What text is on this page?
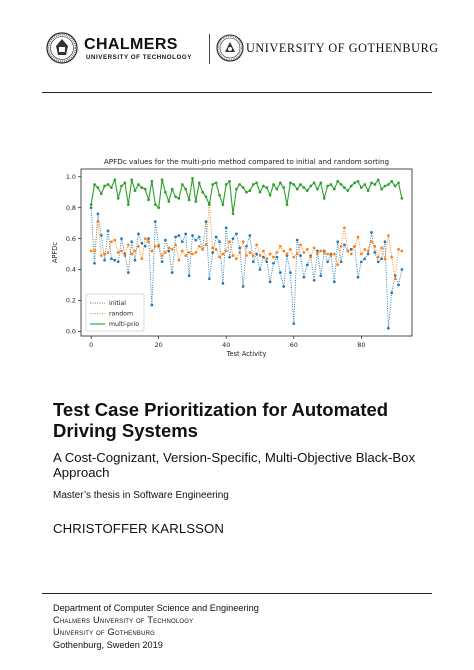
CHALMERS
UNIVERSITY OF TECHNOLOGY
UNIVERSITY OF GOTHENBURG
APFDc values for the multi-prio method compared to initial and random sorting
0	20	40	60	80
0.0
0.2
0.4
0.6
0.8
1.0
Test Activity
APFDc
initial
random
multi-prio
Test Case Prioritization for Automated Driving Systems
A Cost-Cognizant, Version-Specific, Multi-Objective Black-Box Approach
Master’s thesis in Software Engineering
CHRISTOFFER KARLSSON
Department of Computer Science and Engineering
Chalmers University of Technology
University of Gothenburg
Gothenburg, Sweden 2019
